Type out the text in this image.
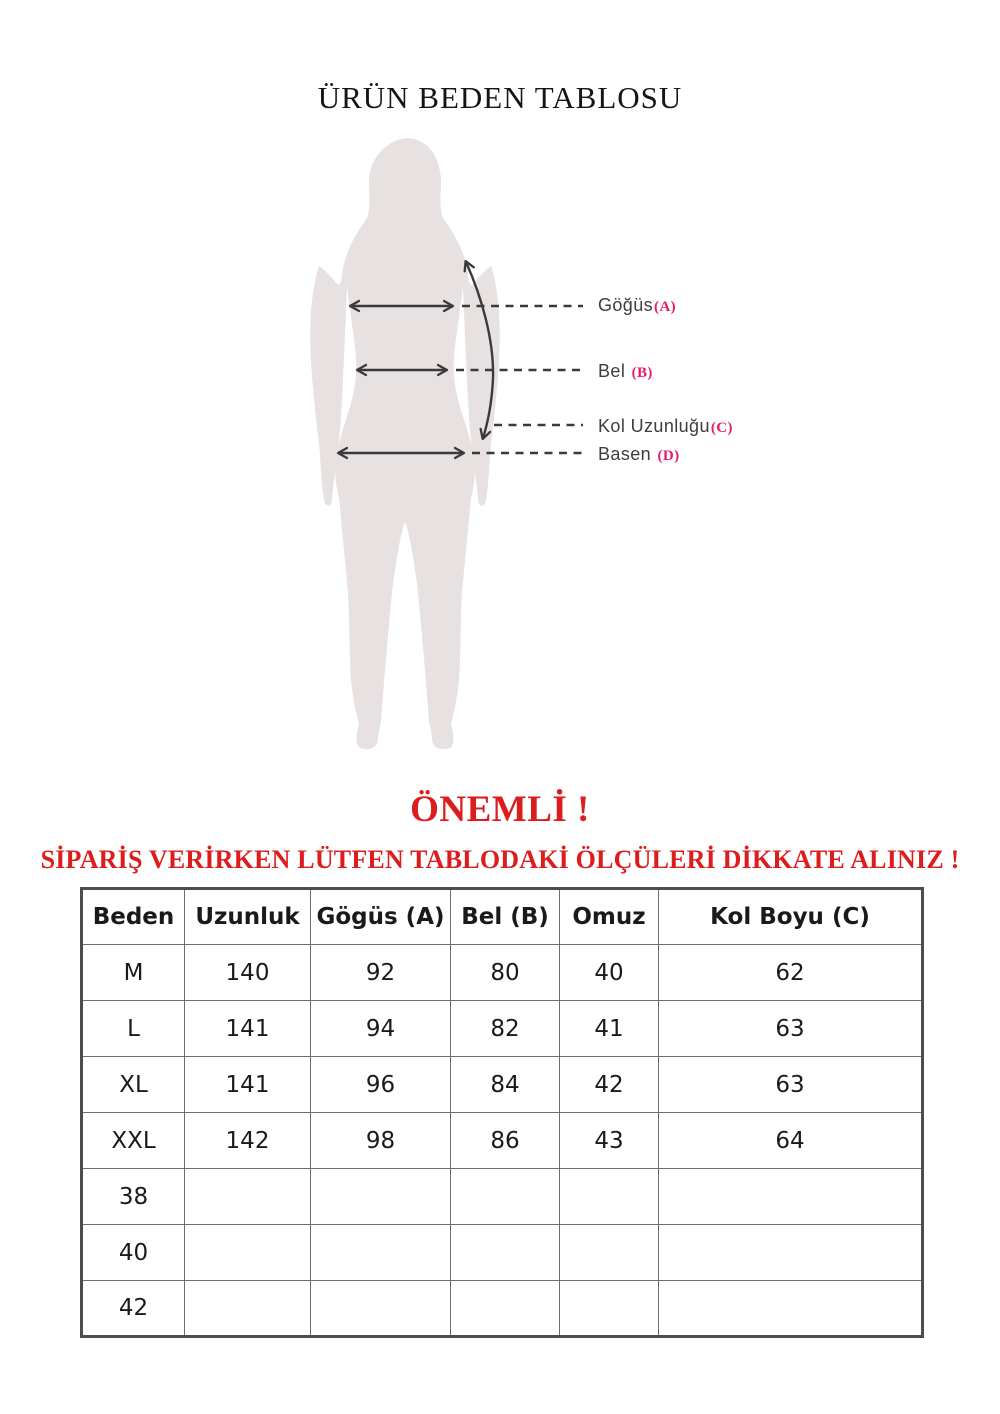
ÜRÜN BEDEN TABLOSU
Göğüs(A)
Bel (B)
Kol Uzunluğu(C)
Basen (D)
ÖNEMLİ !
SİPARİŞ VERİRKEN LÜTFEN TABLODAKİ ÖLÇÜLERİ DİKKATE ALINIZ !
Beden	Uzunluk	Gögüs (A)	Bel (B)	Omuz	Kol Boyu (C)
M	140	92	80	40	62
L	141	94	82	41	63
XL	141	96	84	42	63
XXL	142	98	86	43	64
38					
40					
42					
